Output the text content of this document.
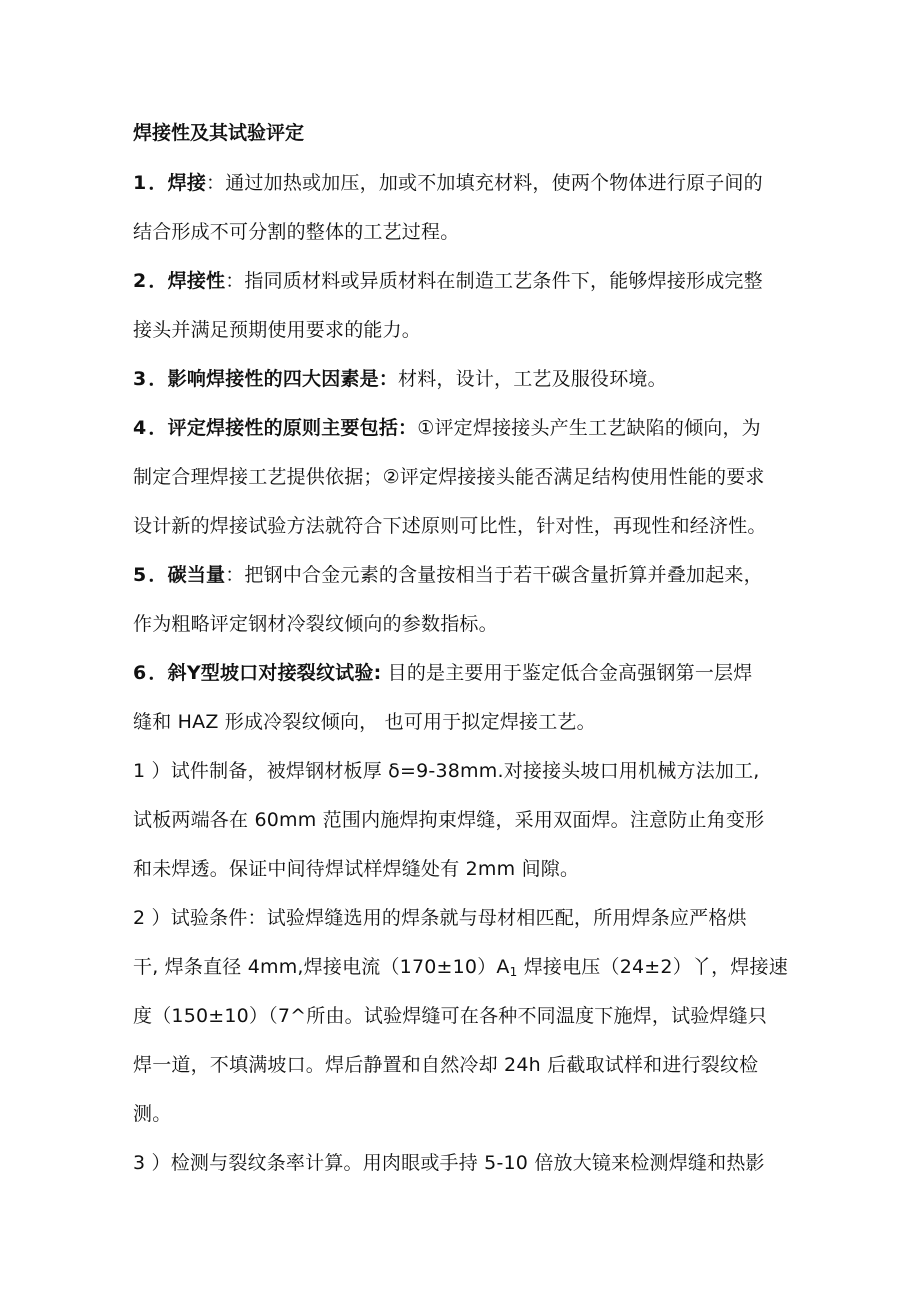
焊接性及其试验评定
1 ．焊接：通过加热或加压，加或不加填充材料，使两个物体进行原子间的
结合形成不可分割的整体的工艺过程。
2 ．焊接性：指同质材料或异质材料在制造工艺条件下，能够焊接形成完整
接头并满足预期使用要求的能力。
3 ．影响焊接性的四大因素是：材料，设计，工艺及服役环境。
4 ．评定焊接性的原则主要包括：①评定焊接接头产生工艺缺陷的倾向，为
制定合理焊接工艺提供依据；②评定焊接接头能否满足结构使用性能的要求
设计新的焊接试验方法就符合下述原则可比性，针对性，再现性和经济性。
5 ．碳当量：把钢中合金元素的含量按相当于若干碳含量折算并叠加起来，
作为粗略评定钢材冷裂纹倾向的参数指标。
6 ．斜Y型坡口对接裂纹试验: 目的是主要用于鉴定低合金高强钢第一层焊
缝和 HAZ 形成冷裂纹倾向， 也可用于拟定焊接工艺。
1 ）试件制备，被焊钢材板厚 δ=9-38mm.对接接头坡口用机械方法加工,
试板两端各在 60mm 范围内施焊拘束焊缝，采用双面焊。注意防止角变形
和未焊透。保证中间待焊试样焊缝处有 2mm 间隙。
2 ）试验条件：试验焊缝选用的焊条就与母材相匹配，所用焊条应严格烘
干, 焊条直径 4mm,焊接电流$(170\pm 10)A_1$ 焊接电压（24±2）丫，焊接速
度（150±10）（7^所由。试验焊缝可在各种不同温度下施焊，试验焊缝只
焊一道，不填满坡口。焊后静置和自然冷却 24h 后截取试样和进行裂纹检
测。
3 ）检测与裂纹条率计算。用肉眼或手持 5-10 倍放大镜来检测焊缝和热影
